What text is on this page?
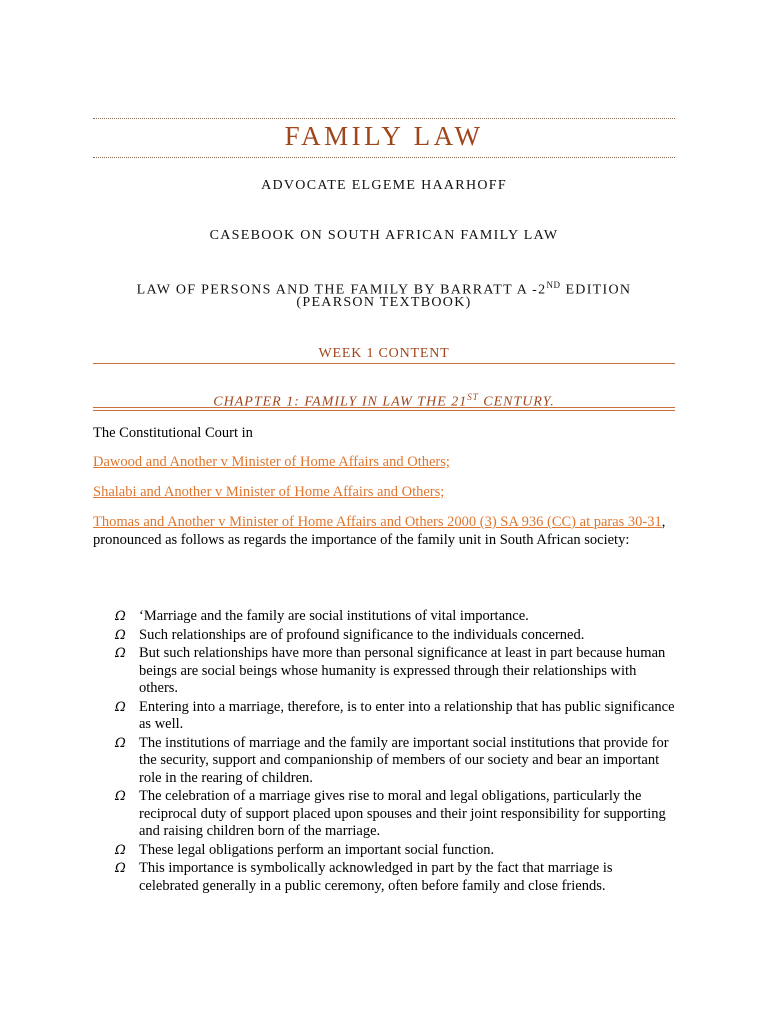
FAMILY LAW
ADVOCATE ELGEME HAARHOFF
CASEBOOK ON SOUTH AFRICAN FAMILY LAW
LAW OF PERSONS AND THE FAMILY BY BARRATT A -2ND EDITION
(PEARSON TEXTBOOK)
WEEK 1 CONTENT
CHAPTER 1: FAMILY IN LAW THE 21ST CENTURY.
The Constitutional Court in
Dawood and Another v Minister of Home Affairs and Others;
Shalabi and Another v Minister of Home Affairs and Others;
Thomas and Another v Minister of Home Affairs and Others 2000 (3) SA 936 (CC) at paras 30-31, pronounced as follows as regards the importance of the family unit in South African society:
Ω ‘Marriage and the family are social institutions of vital importance.
Ω Such relationships are of profound significance to the individuals concerned.
Ω But such relationships have more than personal significance at least in part because human beings are social beings whose humanity is expressed through their relationships with others.
Ω Entering into a marriage, therefore, is to enter into a relationship that has public significance as well.
Ω The institutions of marriage and the family are important social institutions that provide for the security, support and companionship of members of our society and bear an important role in the rearing of children.
Ω The celebration of a marriage gives rise to moral and legal obligations, particularly the reciprocal duty of support placed upon spouses and their joint responsibility for supporting and raising children born of the marriage.
Ω These legal obligations perform an important social function.
Ω This importance is symbolically acknowledged in part by the fact that marriage is celebrated generally in a public ceremony, often before family and close friends.
